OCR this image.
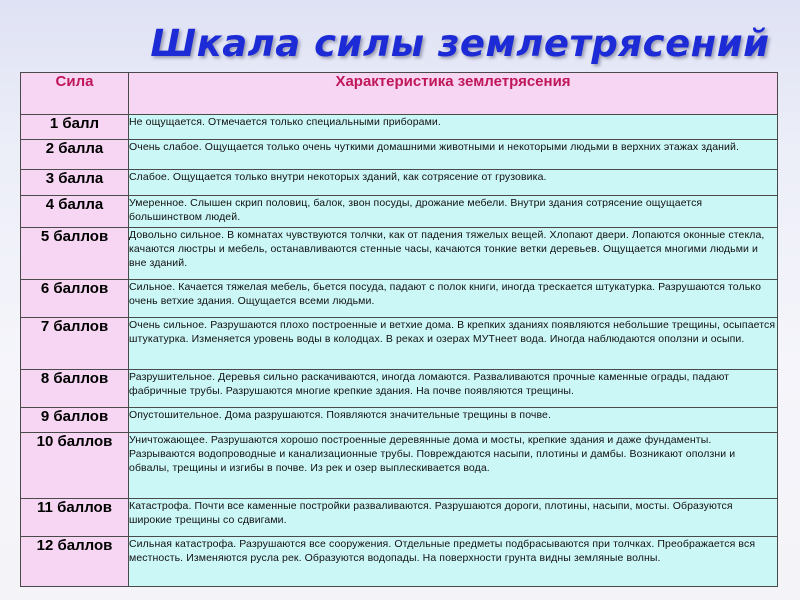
Шкала силы землетрясений
Сила	Характеристика землетрясения
1 балл	Не ощущается. Отмечается только специальными приборами.
2 балла	Очень слабое. Ощущается только очень чуткими домашними животными и некоторыми людьми в верхних этажах зданий.
3 балла	Слабое. Ощущается только внутри некоторых зданий, как сотрясение от грузовика.
4 балла	Умеренное. Слышен скрип половиц, балок, звон посуды, дрожание мебели. Внутри здания сотрясение ощущается большинством людей.
5 баллов	Довольно сильное. В комнатах чувствуются толчки, как от падения тяжелых вещей. Хлопают двери. Лопаются оконные стекла, качаются люстры и мебель, останавливаются стенные часы, качаются тонкие ветки деревьев. Ощущается многими людьми и вне зданий.
6 баллов	Сильное. Качается тяжелая мебель, бьется посуда, падают с полок книги, иногда трескается штукатурка. Разрушаются только очень ветхие здания. Ощущается всеми людьми.
7 баллов	Очень сильное. Разрушаются плохо построенные и ветхие дома. В крепких зданиях появляются небольшие трещины, осыпается штукатурка. Изменяется уровень воды в колодцах. В реках и озерах МУТнеет вода. Иногда наблюдаются оползни и осыпи.
8 баллов	Разрушительное. Деревья сильно раскачиваются, иногда ломаются. Разваливаются прочные каменные ограды, падают фабричные трубы. Разрушаются многие крепкие здания. На почве появляются трещины.
9 баллов	Опустошительное. Дома разрушаются. Появляются значительные трещины в почве.
10 баллов	Уничтожающее. Разрушаются хорошо построенные деревянные дома и мосты, крепкие здания и даже фундаменты. Разрываются водопроводные и канализационные трубы. Повреждаются насыпи, плотины и дамбы. Возникают оползни и обвалы, трещины и изгибы в почве. Из рек и озер выплескивается вода.
11 баллов	Катастрофа. Почти все каменные постройки разваливаются. Разрушаются дороги, плотины, насыпи, мосты. Образуются широкие трещины со сдвигами.
12 баллов	Сильная катастрофа. Разрушаются все сооружения. Отдельные предметы подбрасываются при толчках. Преображается вся местность. Изменяются русла рек. Образуются водопады. На поверхности грунта видны земляные волны.
